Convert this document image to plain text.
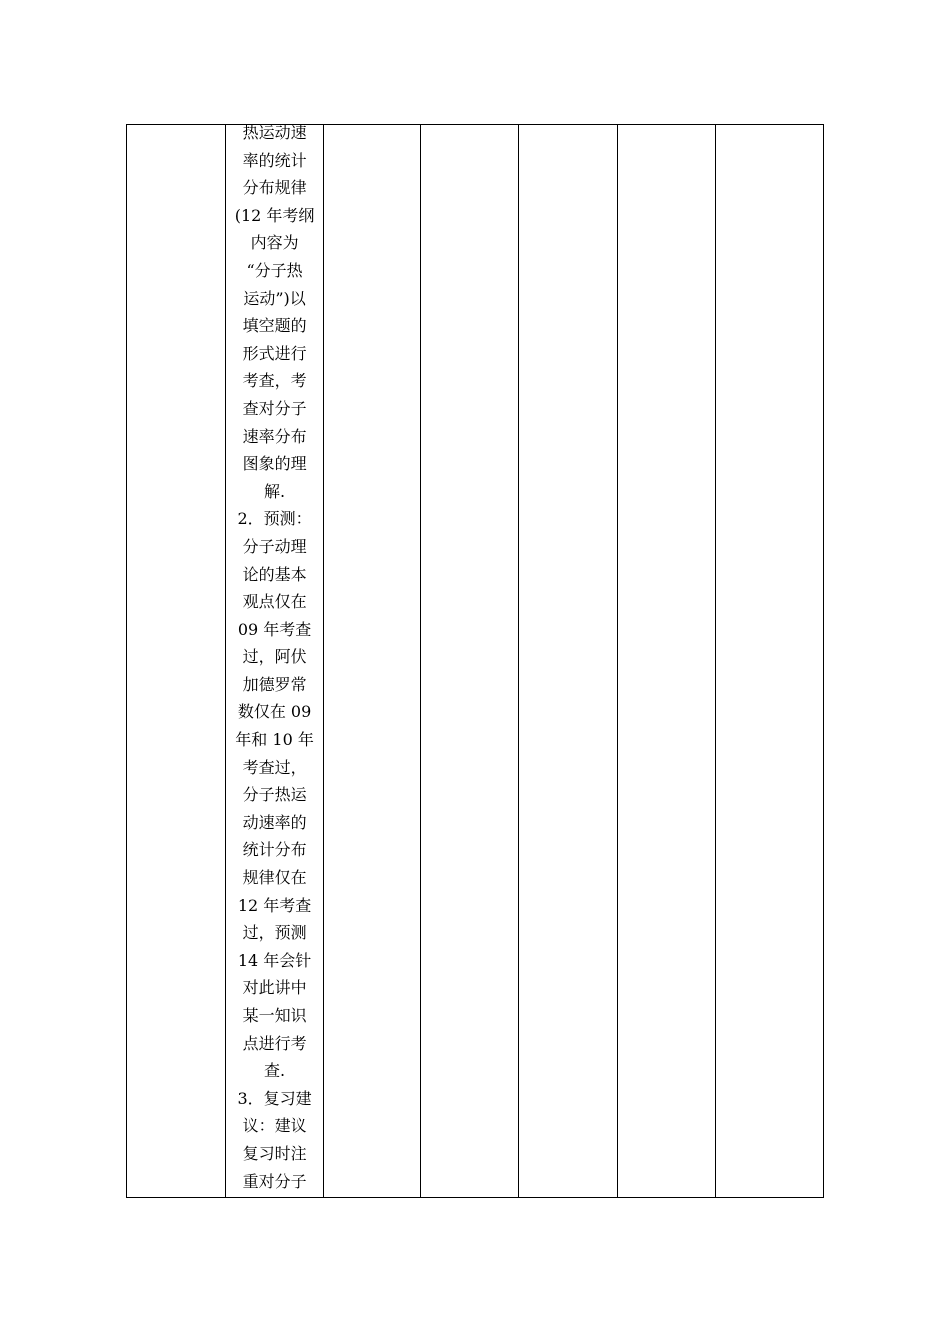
热运动速
率的统计
分布规律
(12 年考纲
内容为
“分子热
运动”)以
填空题的
形式进行
考查，考
查对分子
速率分布
图象的理
解.
2．预测：
分子动理
论的基本
观点仅在
09 年考查
过，阿伏
加德罗常
数仅在 09
年和 10 年
考查过，
分子热运
动速率的
统计分布
规律仅在
12 年考查
过，预测
14 年会针
对此讲中
某一知识
点进行考
查.
3．复习建
议：建议
复习时注
重对分子
